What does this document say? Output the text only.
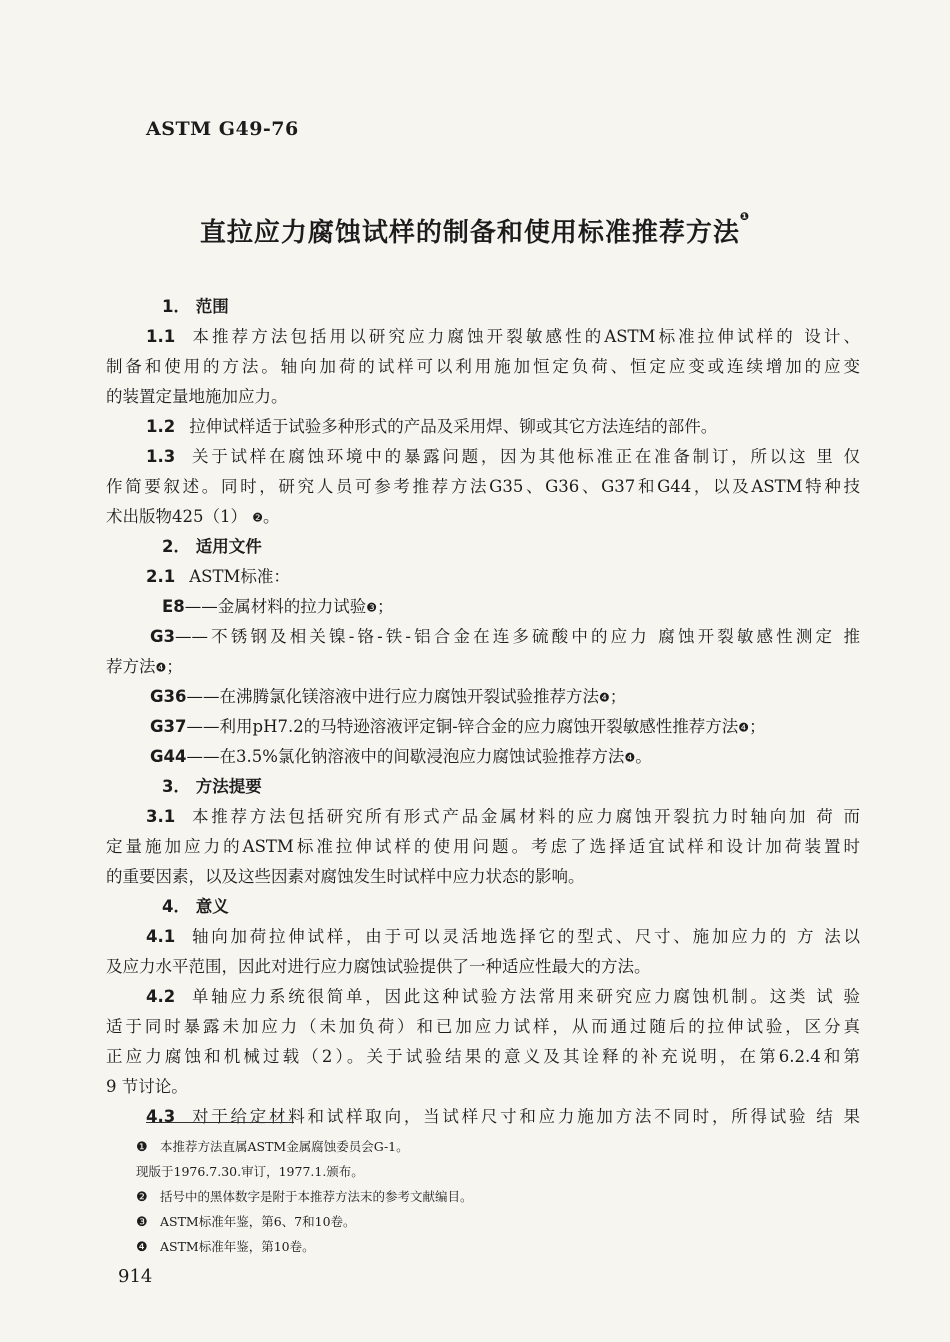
ASTM G49-76
直拉应力腐蚀试样的制备和使用标准推荐方法$^❶$
1． 范围
1.1 本推荐方法包括用以研究应力腐蚀开裂敏感性的ASTM标准拉伸试样的 设计、
制备和使用的方法。轴向加荷的试样可以利用施加恒定负荷、恒定应变或连续增加的应变
的装置定量地施加应力。
1.2 拉伸试样适于试验多种形式的产品及采用焊、铆或其它方法连结的部件。
1.3 关于试样在腐蚀环境中的暴露问题，因为其他标准正在准备制订，所以这 里 仅
作简要叙述。同时，研究人员可参考推荐方法G35、G36、G37和G44，以及ASTM特种技
术出版物425（1） ❷。
2． 适用文件
2.1 ASTM标准：
E8——金属材料的拉力试验❸；
G3——不锈钢及相关镍-铬-铁-铝合金在连多硫酸中的应力 腐蚀开裂敏感性测定 推
荐方法❹；
G36——在沸腾氯化镁溶液中进行应力腐蚀开裂试验推荐方法❹；
G37——利用pH7.2的马特逊溶液评定铜-锌合金的应力腐蚀开裂敏感性推荐方法❹；
G44——在3.5%氯化钠溶液中的间歇浸泡应力腐蚀试验推荐方法❹。
3． 方法提要
3.1 本推荐方法包括研究所有形式产品金属材料的应力腐蚀开裂抗力时轴向加 荷 而
定量施加应力的ASTM标准拉伸试样的使用问题。考虑了选择适宜试样和设计加荷装置时
的重要因素，以及这些因素对腐蚀发生时试样中应力状态的影响。
4． 意义
4.1 轴向加荷拉伸试样，由于可以灵活地选择它的型式、尺寸、施加应力的 方 法以
及应力水平范围，因此对进行应力腐蚀试验提供了一种适应性最大的方法。
4.2 单轴应力系统很简单，因此这种试验方法常用来研究应力腐蚀机制。这类 试 验
适于同时暴露未加应力（未加负荷）和已加应力试样，从而通过随后的拉伸试验，区分真
正应力腐蚀和机械过载（2）。关于试验结果的意义及其诠释的补充说明，在第6.2.4和第
9 节讨论。
4.3 对于给定材料和试样取向，当试样尺寸和应力施加方法不同时，所得试验 结 果
❶ 本推荐方法直属ASTM金属腐蚀委员会G-1。
现版于1976.7.30.审订，1977.1.颁布。
❷ 括号中的黑体数字是附于本推荐方法末的参考文献编目。
❸ ASTM标准年鉴，第6、7和10卷。
❹ ASTM标准年鉴，第10卷。
914
